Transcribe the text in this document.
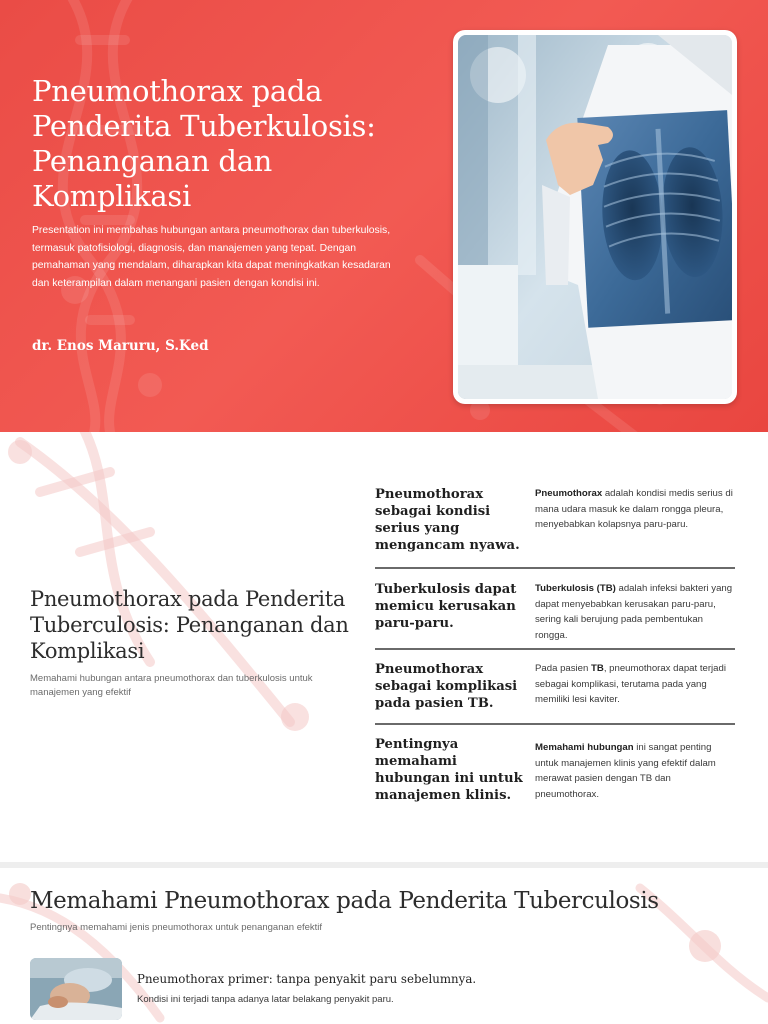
Pneumothorax pada Penderita Tuberkulosis: Penanganan dan Komplikasi

Presentation ini membahas hubungan antara pneumothorax dan tuberkulosis, termasuk patofisiologi, diagnosis, dan manajemen yang tepat. Dengan pemahaman yang mendalam, diharapkan kita dapat meningkatkan kesadaran dan keterampilan dalam menangani pasien dengan kondisi ini.

dr. Enos Maruru, S.Ked
Pneumothorax pada Penderita Tuberculosis: Penanganan dan Komplikasi

Memahami hubungan antara pneumothorax dan tuberkulosis untuk manajemen yang efektif

Pneumothorax sebagai kondisi serius yang mengancam nyawa.
Pneumothorax adalah kondisi medis serius di mana udara masuk ke dalam rongga pleura, menyebabkan kolapsnya paru-paru.
Tuberkulosis dapat memicu kerusakan paru-paru.
Tuberkulosis (TB) adalah infeksi bakteri yang dapat menyebabkan kerusakan paru-paru, sering kali berujung pada pembentukan rongga.
Pneumothorax sebagai komplikasi pada pasien TB.
Pada pasien TB, pneumothorax dapat terjadi sebagai komplikasi, terutama pada yang memiliki lesi kaviter.
Pentingnya memahami hubungan ini untuk manajemen klinis.
Memahami hubungan ini sangat penting untuk manajemen klinis yang efektif dalam merawat pasien dengan TB dan pneumothorax.
Memahami Pneumothorax pada Penderita Tuberculosis

Pentingnya memahami jenis pneumothorax untuk penanganan efektif

Pneumothorax primer: tanpa penyakit paru sebelumnya.
Kondisi ini terjadi tanpa adanya latar belakang penyakit paru.
